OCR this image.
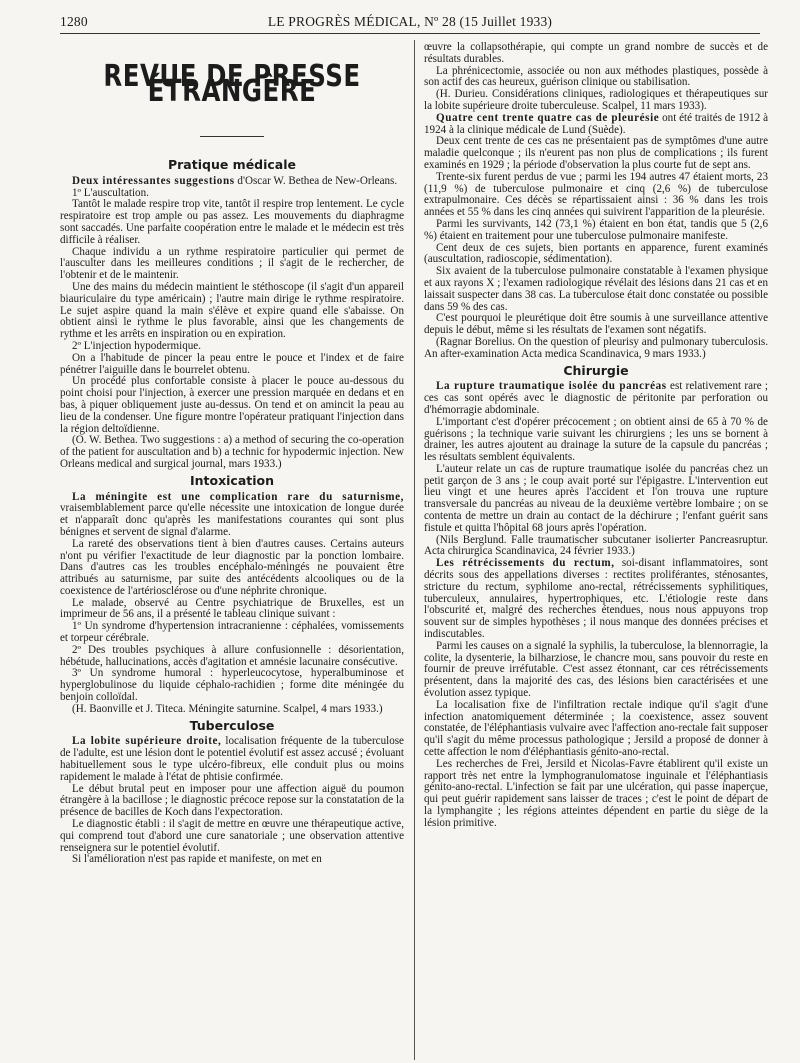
1280	LE PROGRÈS MÉDICAL, Nº 28 (15 Juillet 1933)
REVUE DE PRESSE ÉTRANGÈRE
Pratique médicale

Deux intéressantes suggestions d'Oscar W. Bethea de New-Orleans.

1º L'auscultation.

Tantôt le malade respire trop vite, tantôt il respire trop lentement. Le cycle respiratoire est trop ample ou pas assez. Les mouvements du diaphragme sont saccadés. Une parfaite coopération entre le malade et le médecin est très difficile à réaliser.

Chaque individu a un rythme respiratoire particulier qui permet de l'ausculter dans les meilleures conditions ; il s'agit de le rechercher, de l'obtenir et de le maintenir.

Une des mains du médecin maintient le stéthoscope (il s'agit d'un appareil biauriculaire du type américain) ; l'autre main dirige le rythme respiratoire. Le sujet aspire quand la main s'élève et expire quand elle s'abaisse. On obtient ainsi le rythme le plus favorable, ainsi que les changements de rythme et les arrêts en inspiration ou en expiration.

2º L'injection hypodermique.

On a l'habitude de pincer la peau entre le pouce et l'index et de faire pénétrer l'aiguille dans le bourrelet obtenu.

Un procédé plus confortable consiste à placer le pouce au-dessous du point choisi pour l'injection, à exercer une pression marquée en dedans et en bas, à piquer obliquement juste au-dessus. On tend et on amincit la peau au lieu de la condenser. Une figure montre l'opérateur pratiquant l'injection dans la région deltoïdienne.

(O. W. Bethea. Two suggestions : a) a method of securing the co-operation of the patient for auscultation and b) a technic for hypodermic injection. New Orleans medical and surgical journal, mars 1933.)

Intoxication

La méningite est une complication rare du saturnisme, vraisemblablement parce qu'elle nécessite une intoxication de longue durée et n'apparaît donc qu'après les manifestations courantes qui sont plus bénignes et servent de signal d'alarme.

La rareté des observations tient à bien d'autres causes. Certains auteurs n'ont pu vérifier l'exactitude de leur diagnostic par la ponction lombaire. Dans d'autres cas les troubles encéphalo-méningés ne pouvaient être attribués au saturnisme, par suite des antécédents alcooliques ou de la coexistence de l'artériosclérose ou d'une néphrite chronique.

Le malade, observé au Centre psychiatrique de Bruxelles, est un imprimeur de 56 ans, il a présenté le tableau clinique suivant :

1º Un syndrome d'hypertension intracranienne : céphalées, vomissements et torpeur cérébrale.

2º Des troubles psychiques à allure confusionnelle : désorientation, hébétude, hallucinations, accès d'agitation et amnésie lacunaire consécutive.

3º Un syndrome humoral : hyperleucocytose, hyperalbuminose et hyperglobulinose du liquide céphalo-rachidien ; forme dite méningée du benjoin colloïdal.

(H. Baonville et J. Titeca. Méningite saturnine. Scalpel, 4 mars 1933.)

Tuberculose

La lobite supérieure droite, localisation fréquente de la tuberculose de l'adulte, est une lésion dont le potentiel évolutif est assez accusé ; évoluant habituellement sous le type ulcéro-fibreux, elle conduit plus ou moins rapidement le malade à l'état de phtisie confirmée.

Le début brutal peut en imposer pour une affection aiguë du poumon étrangère à la bacillose ; le diagnostic précoce repose sur la constatation de la présence de bacilles de Koch dans l'expectoration.

Le diagnostic établi : il s'agit de mettre en œuvre une thérapeutique active, qui comprend tout d'abord une cure sanatoriale ; une observation attentive renseignera sur le potentiel évolutif.

Si l'amélioration n'est pas rapide et manifeste, on met en

œuvre la collapsothérapie, qui compte un grand nombre de succès et de résultats durables.

La phrénicectomie, associée ou non aux méthodes plastiques, possède à son actif des cas heureux, guérison clinique ou stabilisation.

(H. Durieu. Considérations cliniques, radiologiques et thérapeutiques sur la lobite supérieure droite tuberculeuse. Scalpel, 11 mars 1933).

Quatre cent trente quatre cas de pleurésie ont été traités de 1912 à 1924 à la clinique médicale de Lund (Suède).

Deux cent trente de ces cas ne présentaient pas de symptômes d'une autre maladie quelconque ; ils n'eurent pas non plus de complications ; ils furent examinés en 1929 ; la période d'observation la plus courte fut de sept ans.

Trente-six furent perdus de vue ; parmi les 194 autres 47 étaient morts, 23 (11,9 %) de tuberculose pulmonaire et cinq (2,6 %) de tuberculose extrapulmonaire. Ces décès se répartissaient ainsi : 36 % dans les trois années et 55 % dans les cinq années qui suivirent l'apparition de la pleurésie.

Parmi les survivants, 142 (73,1 %) étaient en bon état, tandis que 5 (2,6 %) étaient en traitement pour une tuberculose pulmonaire manifeste.

Cent deux de ces sujets, bien portants en apparence, furent examinés (auscultation, radioscopie, sédimentation).

Six avaient de la tuberculose pulmonaire constatable à l'examen physique et aux rayons X ; l'examen radiologique révélait des lésions dans 21 cas et en laissait suspecter dans 38 cas. La tuberculose était donc constatée ou possible dans 59 % des cas.

C'est pourquoi le pleurétique doit être soumis à une surveillance attentive depuis le début, même si les résultats de l'examen sont négatifs.

(Ragnar Borelius. On the question of pleurisy and pulmonary tuberculosis. An after-examination Acta medica Scandinavica, 9 mars 1933.)

Chirurgie

La rupture traumatique isolée du pancréas est relativement rare ; ces cas sont opérés avec le diagnostic de péritonite par perforation ou d'hémorragie abdominale.

L'important c'est d'opérer précocement ; on obtient ainsi de 65 à 70 % de guérisons ; la technique varie suivant les chirurgiens ; les uns se bornent à drainer, les autres ajoutent au drainage la suture de la capsule du pancréas ; les résultats semblent équivalents.

L'auteur relate un cas de rupture traumatique isolée du pancréas chez un petit garçon de 3 ans ; le coup avait porté sur l'épigastre. L'intervention eut lieu vingt et une heures après l'accident et l'on trouva une rupture transversale du pancréas au niveau de la deuxième vertèbre lombaire ; on se contenta de mettre un drain au contact de la déchirure ; l'enfant guérit sans fistule et quitta l'hôpital 68 jours après l'opération.

(Nils Berglund. Falle traumatischer subcutaner isolierter Pancreasruptur. Acta chirurgica Scandinavica, 24 février 1933.)

Les rétrécissements du rectum, soi-disant inflammatoires, sont décrits sous des appellations diverses : rectites proliférantes, sténosantes, stricture du rectum, syphilome ano-rectal, rétrécissements syphilitiques, tuberculeux, annulaires, hypertrophiques, etc. L'étiologie reste dans l'obscurité et, malgré des recherches étendues, nous nous appuyons trop souvent sur de simples hypothèses ; il nous manque des données précises et indiscutables.

Parmi les causes on a signalé la syphilis, la tuberculose, la blennorragie, la colite, la dysenterie, la bilharziose, le chancre mou, sans pouvoir du reste en fournir de preuve irréfutable. C'est assez étonnant, car ces rétrécissements présentent, dans la majorité des cas, des lésions bien caractérisées et une évolution assez typique.

La localisation fixe de l'infiltration rectale indique qu'il s'agit d'une infection anatomiquement déterminée ; la coexistence, assez souvent constatée, de l'éléphantiasis vulvaire avec l'affection ano-rectale fait supposer qu'il s'agit du même processus pathologique ; Jersild a proposé de donner à cette affection le nom d'éléphantiasis génito-ano-rectal.

Les recherches de Frei, Jersild et Nicolas-Favre établirent qu'il existe un rapport très net entre la lymphogranulomatose inguinale et l'éléphantiasis génito-ano-rectal. L'infection se fait par une ulcération, qui passe inaperçue, qui peut guérir rapidement sans laisser de traces ; c'est le point de départ de la lymphangite ; les régions atteintes dépendent en partie du siège de la lésion primitive.
